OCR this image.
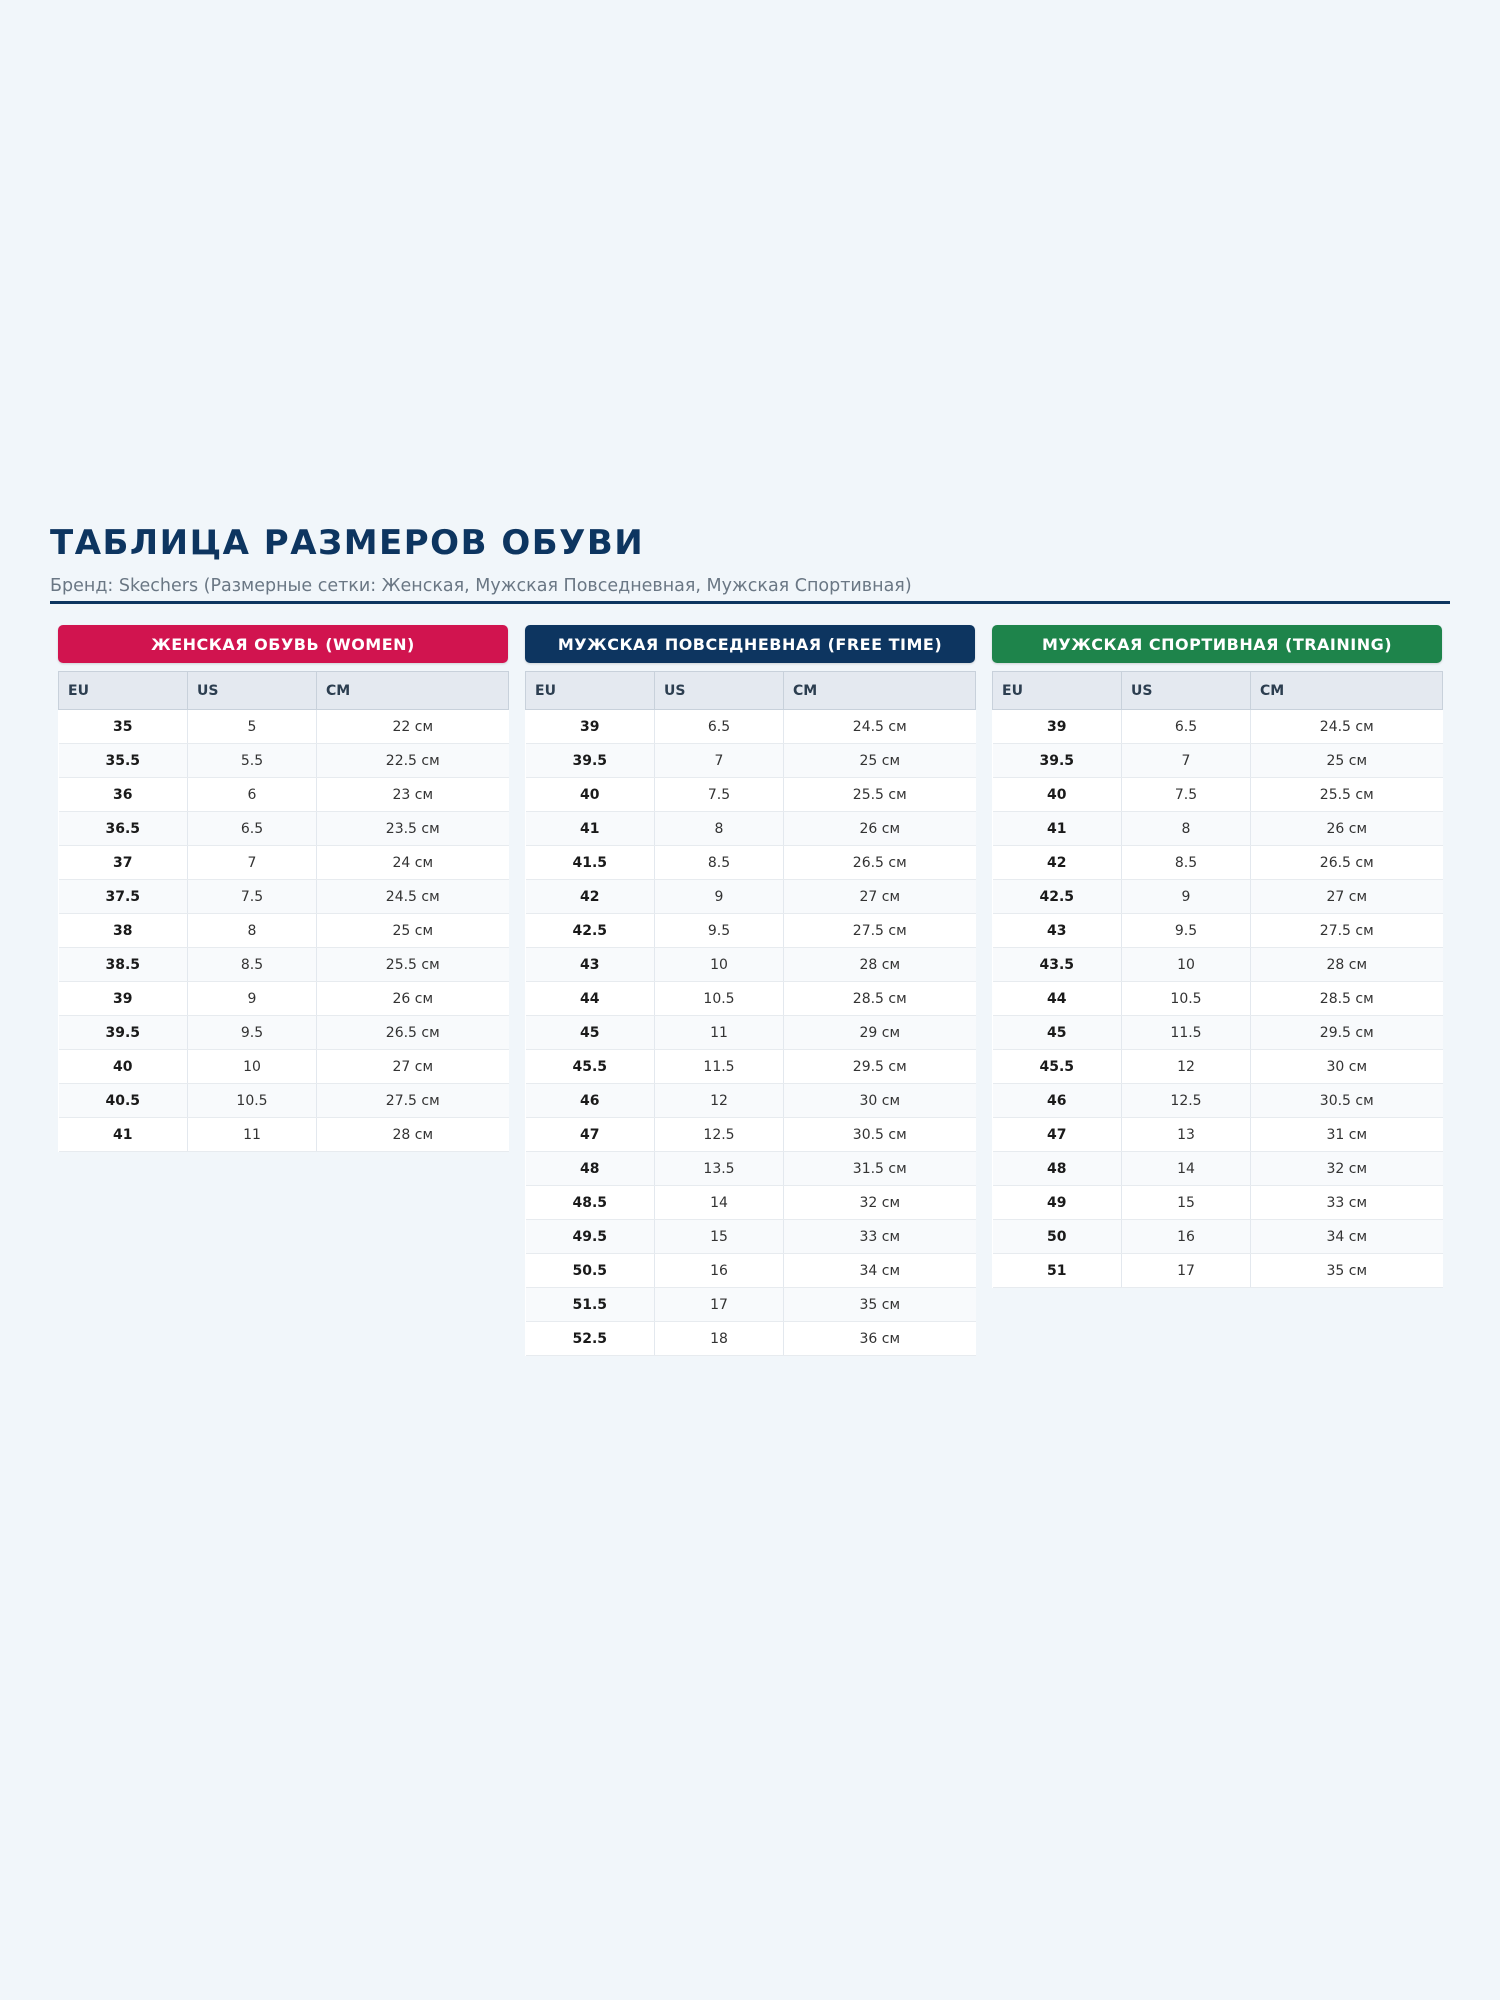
ТАБЛИЦА РАЗМЕРОВ ОБУВИ
Бренд: Skechers (Размерные сетки: Женская, Мужская Повседневная, Мужская Спортивная)
ЖЕНСКАЯ ОБУВЬ (WOMEN)
EU	US	CM
35	5	22 см
35.5	5.5	22.5 см
36	6	23 см
36.5	6.5	23.5 см
37	7	24 см
37.5	7.5	24.5 см
38	8	25 см
38.5	8.5	25.5 см
39	9	26 см
39.5	9.5	26.5 см
40	10	27 см
40.5	10.5	27.5 см
41	11	28 см
МУЖСКАЯ ПОВСЕДНЕВНАЯ (FREE TIME)
EU	US	CM
39	6.5	24.5 см
39.5	7	25 см
40	7.5	25.5 см
41	8	26 см
41.5	8.5	26.5 см
42	9	27 см
42.5	9.5	27.5 см
43	10	28 см
44	10.5	28.5 см
45	11	29 см
45.5	11.5	29.5 см
46	12	30 см
47	12.5	30.5 см
48	13.5	31.5 см
48.5	14	32 см
49.5	15	33 см
50.5	16	34 см
51.5	17	35 см
52.5	18	36 см
МУЖСКАЯ СПОРТИВНАЯ (TRAINING)
EU	US	CM
39	6.5	24.5 см
39.5	7	25 см
40	7.5	25.5 см
41	8	26 см
42	8.5	26.5 см
42.5	9	27 см
43	9.5	27.5 см
43.5	10	28 см
44	10.5	28.5 см
45	11.5	29.5 см
45.5	12	30 см
46	12.5	30.5 см
47	13	31 см
48	14	32 см
49	15	33 см
50	16	34 см
51	17	35 см
